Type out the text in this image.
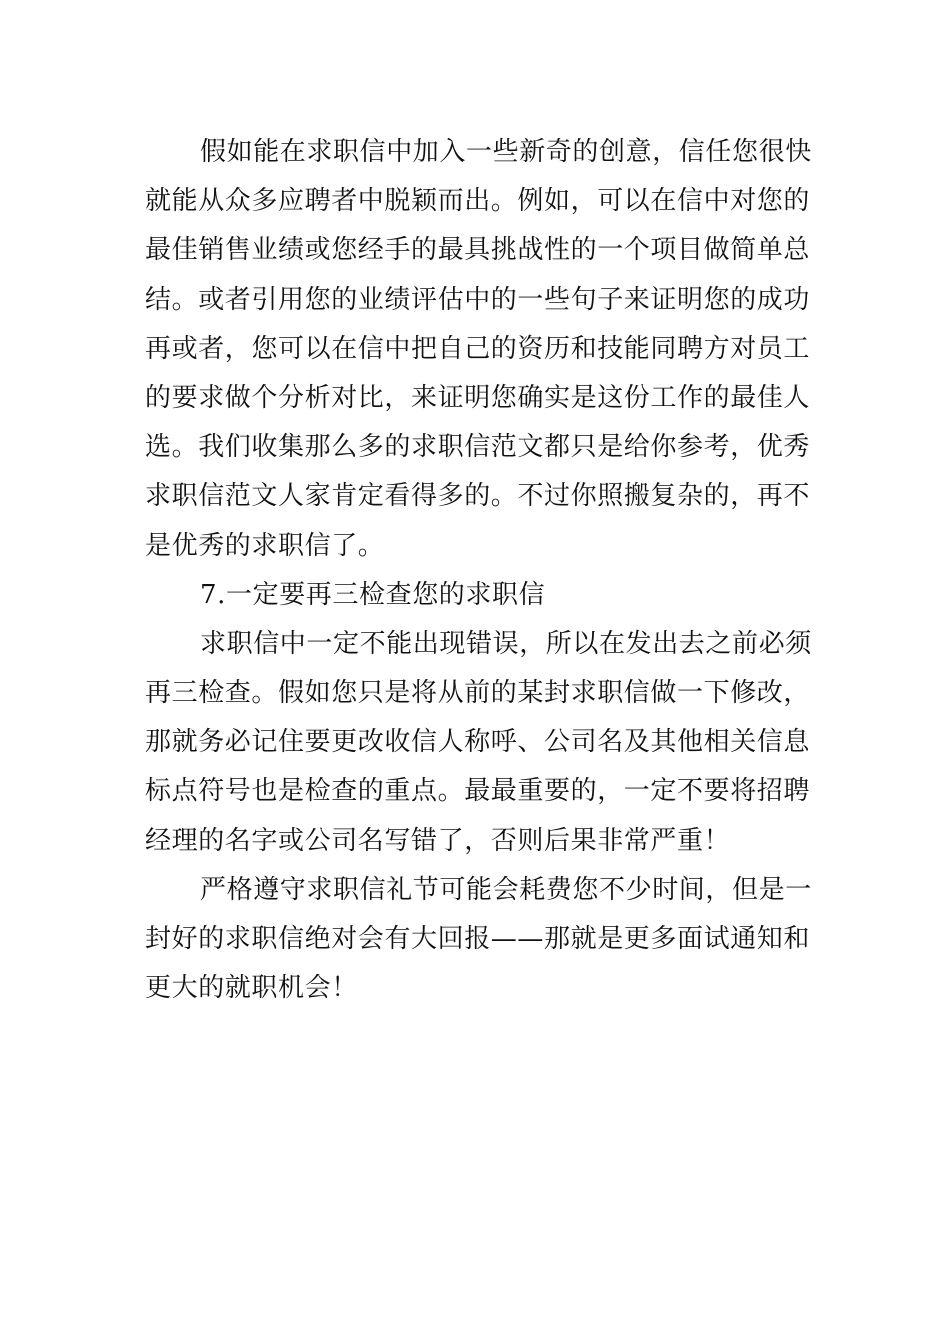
假如能在求职信中加入一些新奇的创意，信任您很快
就能从众多应聘者中脱颖而出。例如，可以在信中对您的
最佳销售业绩或您经手的最具挑战性的一个项目做简单总
结。或者引用您的业绩评估中的一些句子来证明您的成功
再或者，您可以在信中把自己的资历和技能同聘方对员工
的要求做个分析对比，来证明您确实是这份工作的最佳人
选。我们收集那么多的求职信范文都只是给你参考，优秀
求职信范文人家肯定看得多的。不过你照搬复杂的，再不
是优秀的求职信了。
7.一定要再三检查您的求职信
求职信中一定不能出现错误，所以在发出去之前必须
再三检查。假如您只是将从前的某封求职信做一下修改，
那就务必记住要更改收信人称呼、公司名及其他相关信息
标点符号也是检查的重点。最最重要的，一定不要将招聘
经理的名字或公司名写错了，否则后果非常严重！
严格遵守求职信礼节可能会耗费您不少时间，但是一
封好的求职信绝对会有大回报——那就是更多面试通知和
更大的就职机会！
